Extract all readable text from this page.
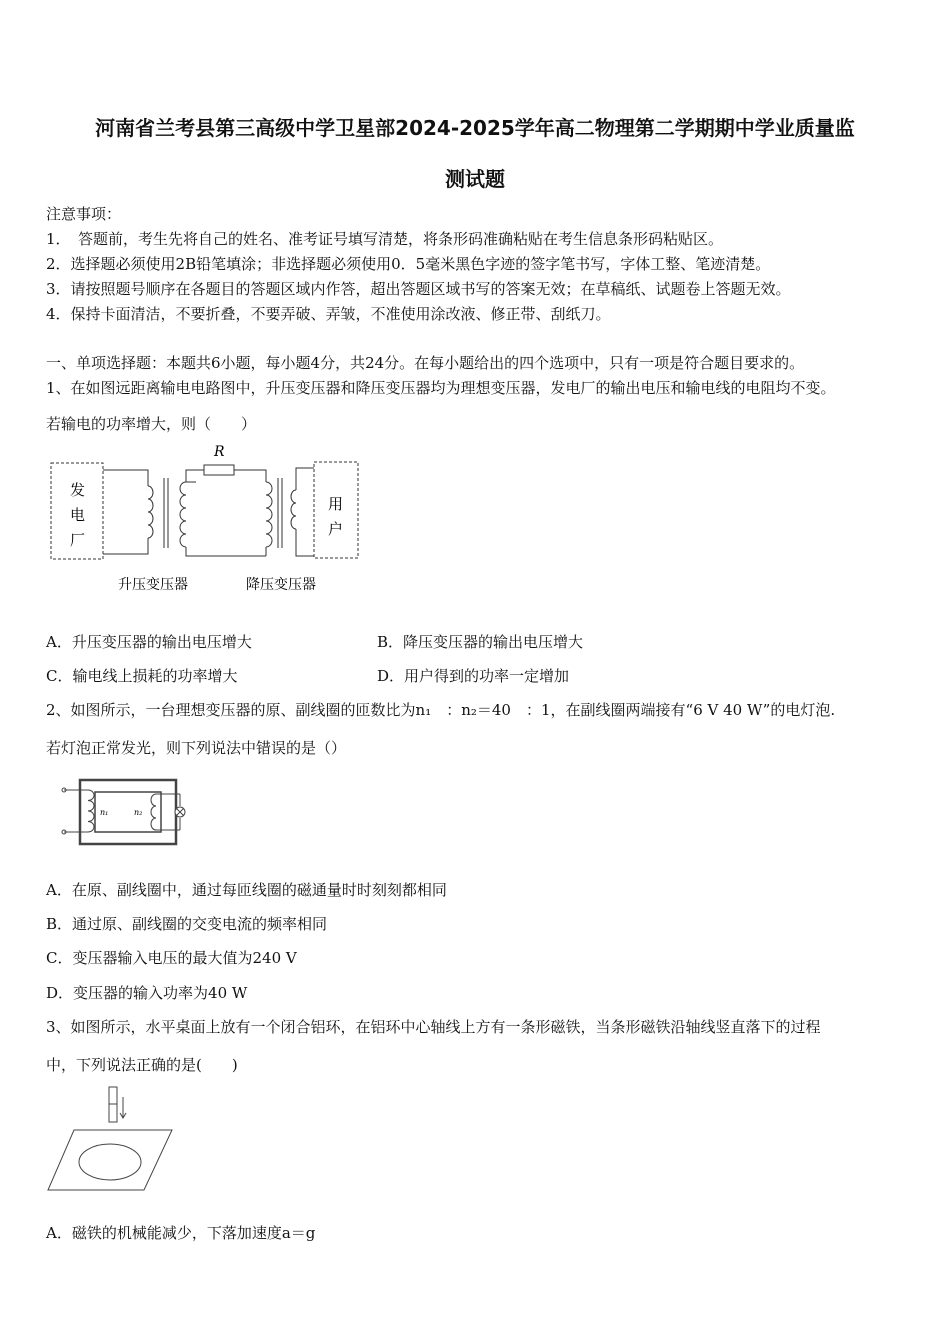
河南省兰考县第三高级中学卫星部2024-2025学年高二物理第二学期期中学业质量监
测试题
注意事项：
1．　答题前，考生先将自己的姓名、准考证号填写清楚，将条形码准确粘贴在考生信息条形码粘贴区。
2．选择题必须使用2B铅笔填涂；非选择题必须使用0．5毫米黑色字迹的签字笔书写，字体工整、笔迹清楚。
3．请按照题号顺序在各题目的答题区域内作答，超出答题区域书写的答案无效；在草稿纸、试题卷上答题无效。
4．保持卡面清洁，不要折叠，不要弄破、弄皱，不准使用涂改液、修正带、刮纸刀。
一、单项选择题：本题共6小题，每小题4分，共24分。在每小题给出的四个选项中，只有一项是符合题目要求的。
1、在如图远距离输电电路图中，升压变压器和降压变压器均为理想变压器，发电厂的输出电压和输电线的电阻均不变。
若输电的功率增大，则（　　）
发
电
厂
R
用
户
升压变压器	降压变压器
A．升压变压器的输出电压增大	B．降压变压器的输出电压增大
C．输电线上损耗的功率增大	D．用户得到的功率一定增加
2、如图所示，一台理想变压器的原、副线圈的匝数比为n₁　：n₂＝40　：1，在副线圈两端接有“6 V 40 W”的电灯泡.
若灯泡正常发光，则下列说法中错误的是（）
n₁	n₂
A．在原、副线圈中，通过每匝线圈的磁通量时时刻刻都相同
B．通过原、副线圈的交变电流的频率相同
C．变压器输入电压的最大值为240 V
D．变压器的输入功率为40 W
3、如图所示，水平桌面上放有一个闭合铝环，在铝环中心轴线上方有一条形磁铁，当条形磁铁沿轴线竖直落下的过程
中，下列说法正确的是(　　)
A．磁铁的机械能减少，下落加速度a＝g
